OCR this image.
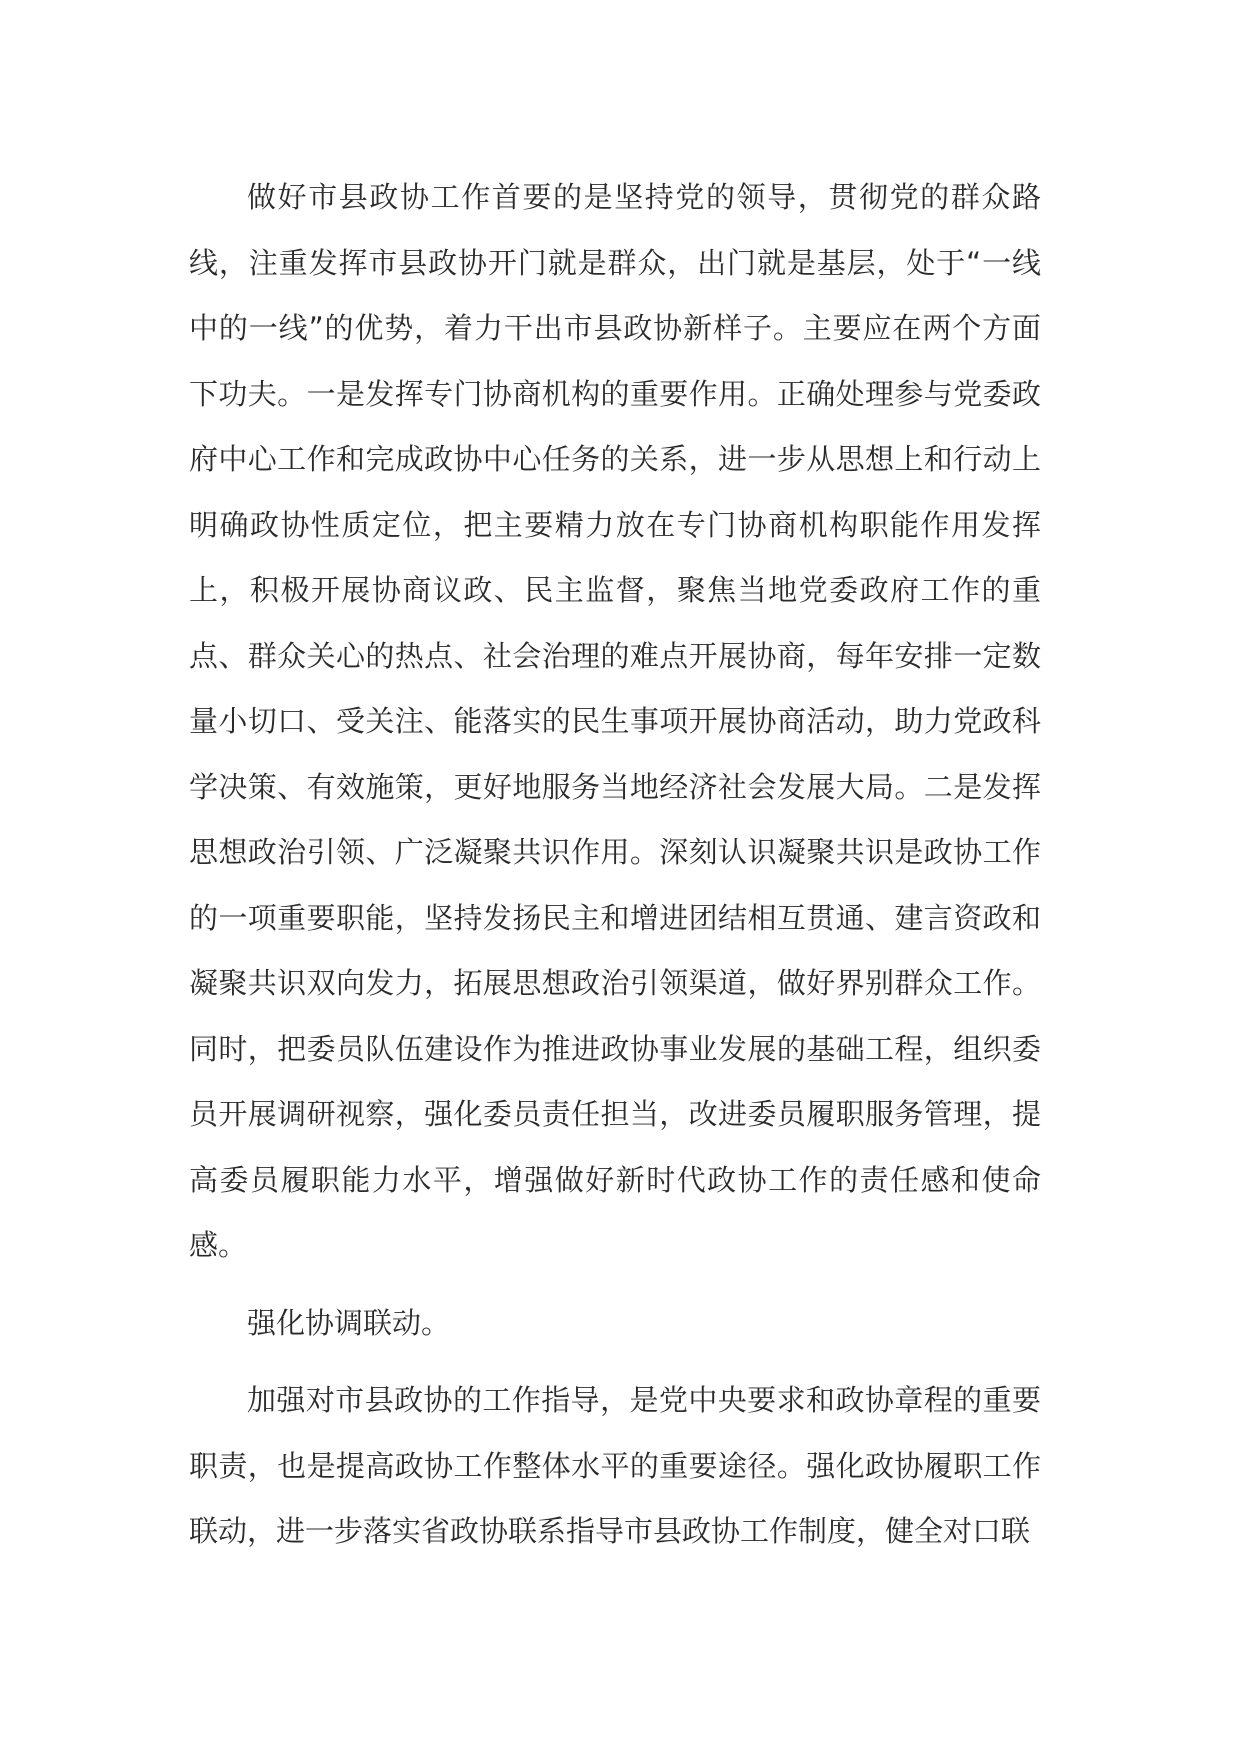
做好市县政协工作首要的是坚持党的领导，贯彻党的群众路线，注重发挥市县政协开门就是群众，出门就是基层，处于“一线中的一线”的优势，着力干出市县政协新样子。主要应在两个方面下功夫。一是发挥专门协商机构的重要作用。正确处理参与党委政府中心工作和完成政协中心任务的关系，进一步从思想上和行动上明确政协性质定位，把主要精力放在专门协商机构职能作用发挥上，积极开展协商议政、民主监督，聚焦当地党委政府工作的重点、群众关心的热点、社会治理的难点开展协商，每年安排一定数量小切口、受关注、能落实的民生事项开展协商活动，助力党政科学决策、有效施策，更好地服务当地经济社会发展大局。二是发挥思想政治引领、广泛凝聚共识作用。深刻认识凝聚共识是政协工作的一项重要职能，坚持发扬民主和增进团结相互贯通、建言资政和凝聚共识双向发力，拓展思想政治引领渠道，做好界别群众工作。同时，把委员队伍建设作为推进政协事业发展的基础工程，组织委员开展调研视察，强化委员责任担当，改进委员履职服务管理，提高委员履职能力水平，增强做好新时代政协工作的责任感和使命感。

强化协调联动。

加强对市县政协的工作指导，是党中央要求和政协章程的重要职责，也是提高政协工作整体水平的重要途径。强化政协履职工作联动，进一步落实省政协联系指导市县政协工作制度，健全对口联
